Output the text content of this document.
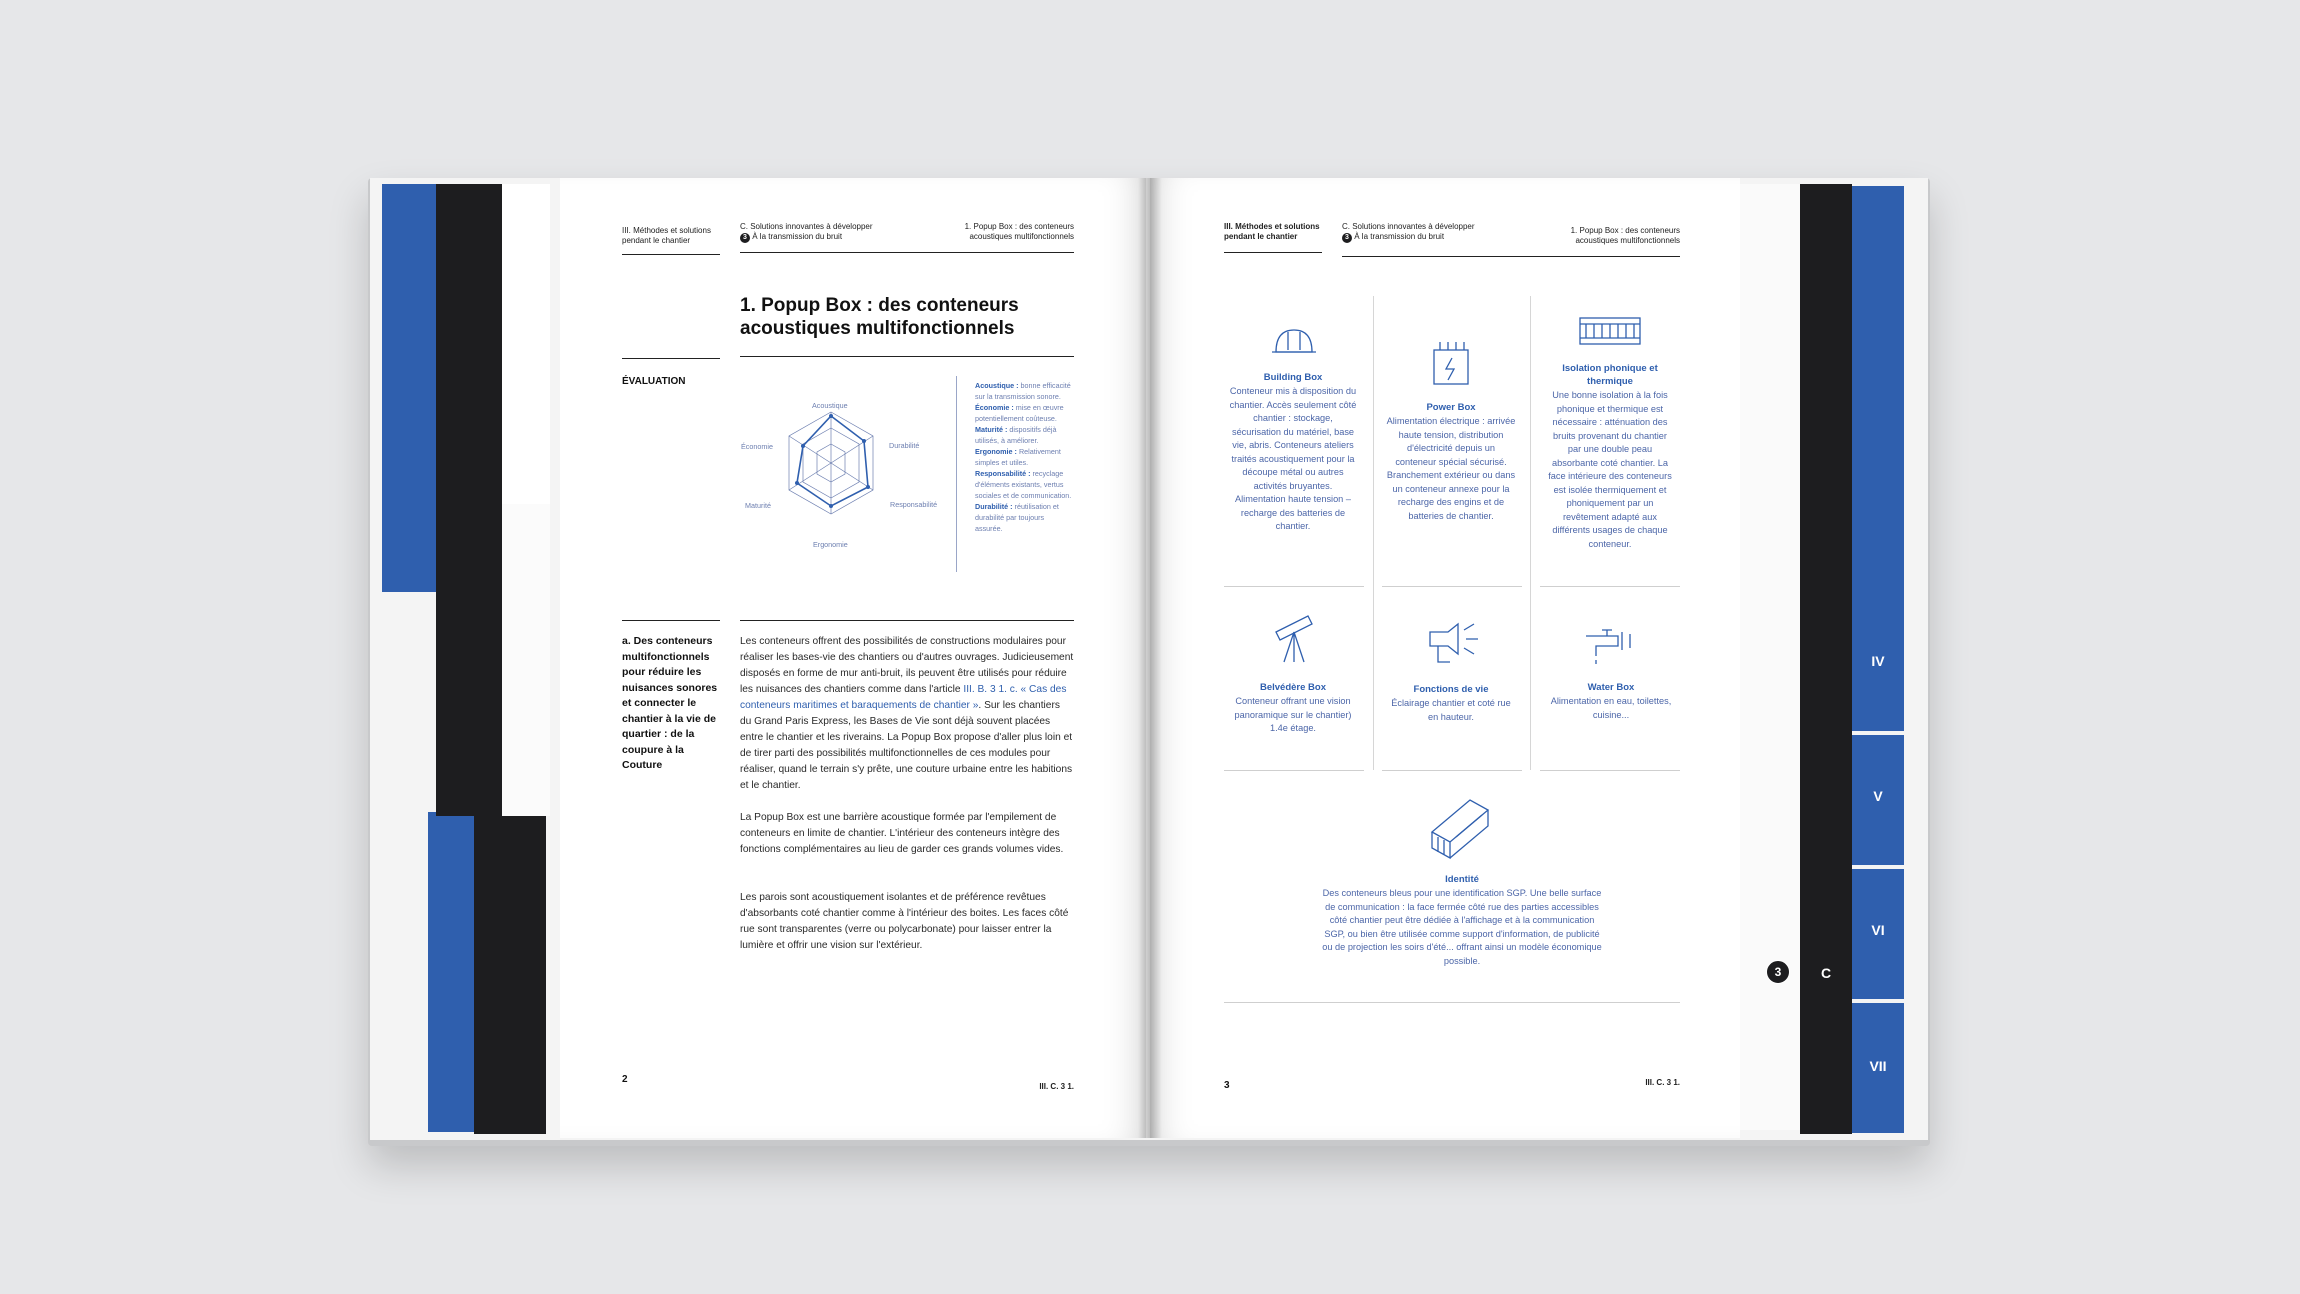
IV
V
VI
VII
3	C
III. Méthodes et solutions pendant le chantier
C. Solutions innovantes à développer
3 À la transmission du bruit
1. Popup Box : des conteneurs acoustiques multifonctionnels
1. Popup Box : des conteneurs acoustiques multifonctionnels
ÉVALUATION
Acoustique
Durabilité
Responsabilité
Ergonomie
Maturité
Économie
Acoustique : bonne efficacité sur la transmission sonore.
Économie : mise en œuvre potentiellement coûteuse.
Maturité : dispositifs déjà utilisés, à améliorer.
Ergonomie : Relativement simples et utiles.
Responsabilité : recyclage d'éléments existants, vertus sociales et de communication.
Durabilité : réutilisation et durabilité par toujours assurée.
a. Des conteneurs multifonctionnels pour réduire les nuisances sonores et connecter le chantier à la vie de quartier : de la coupure à la Couture
Les conteneurs offrent des possibilités de constructions modulaires pour réaliser les bases-vie des chantiers ou d'autres ouvrages. Judicieusement disposés en forme de mur anti-bruit, ils peuvent être utilisés pour réduire les nuisances des chantiers comme dans l'article III. B. 3 1. c. « Cas des conteneurs maritimes et baraquements de chantier ». Sur les chantiers du Grand Paris Express, les Bases de Vie sont déjà souvent placées entre le chantier et les riverains. La Popup Box propose d'aller plus loin et de tirer parti des possibilités multifonctionnelles de ces modules pour réaliser, quand le terrain s'y prête, une couture urbaine entre les habitions et le chantier.
La Popup Box est une barrière acoustique formée par l'empilement de conteneurs en limite de chantier. L'intérieur des conteneurs intègre des fonctions complémentaires au lieu de garder ces grands volumes vides.
Les parois sont acoustiquement isolantes et de préférence revêtues d'absorbants coté chantier comme à l'intérieur des boites. Les faces côté rue sont transparentes (verre ou polycarbonate) pour laisser entrer la lumière et offrir une vision sur l'extérieur.
2
III. C. 3 1.
III. Méthodes et solutions pendant le chantier
C. Solutions innovantes à développer
3 À la transmission du bruit
1. Popup Box : des conteneurs acoustiques multifonctionnels
Building Box
Conteneur mis à disposition du chantier. Accès seulement côté chantier : stockage, sécurisation du matériel, base vie, abris. Conteneurs ateliers traités acoustiquement pour la découpe métal ou autres activités bruyantes. Alimentation haute tension – recharge des batteries de chantier.
Power Box
Alimentation électrique : arrivée haute tension, distribution d'électricité depuis un conteneur spécial sécurisé. Branchement extérieur ou dans un conteneur annexe pour la recharge des engins et de batteries de chantier.
Isolation phonique et thermique
Une bonne isolation à la fois phonique et thermique est nécessaire : atténuation des bruits provenant du chantier par une double peau absorbante coté chantier. La face intérieure des conteneurs est isolée thermiquement et phoniquement par un revêtement adapté aux différents usages de chaque conteneur.
Belvédère Box
Conteneur offrant une vision panoramique sur le chantier) 1.4e étage.
Fonctions de vie
Éclairage chantier et coté rue en hauteur.
Water Box
Alimentation en eau, toilettes, cuisine...
Identité
Des conteneurs bleus pour une identification SGP. Une belle surface de communication : la face fermée côté rue des parties accessibles côté chantier peut être dédiée à l'affichage et à la communication SGP, ou bien être utilisée comme support d'information, de publicité ou de projection les soirs d'été... offrant ainsi un modèle économique possible.
3	III. C. 3 1.
